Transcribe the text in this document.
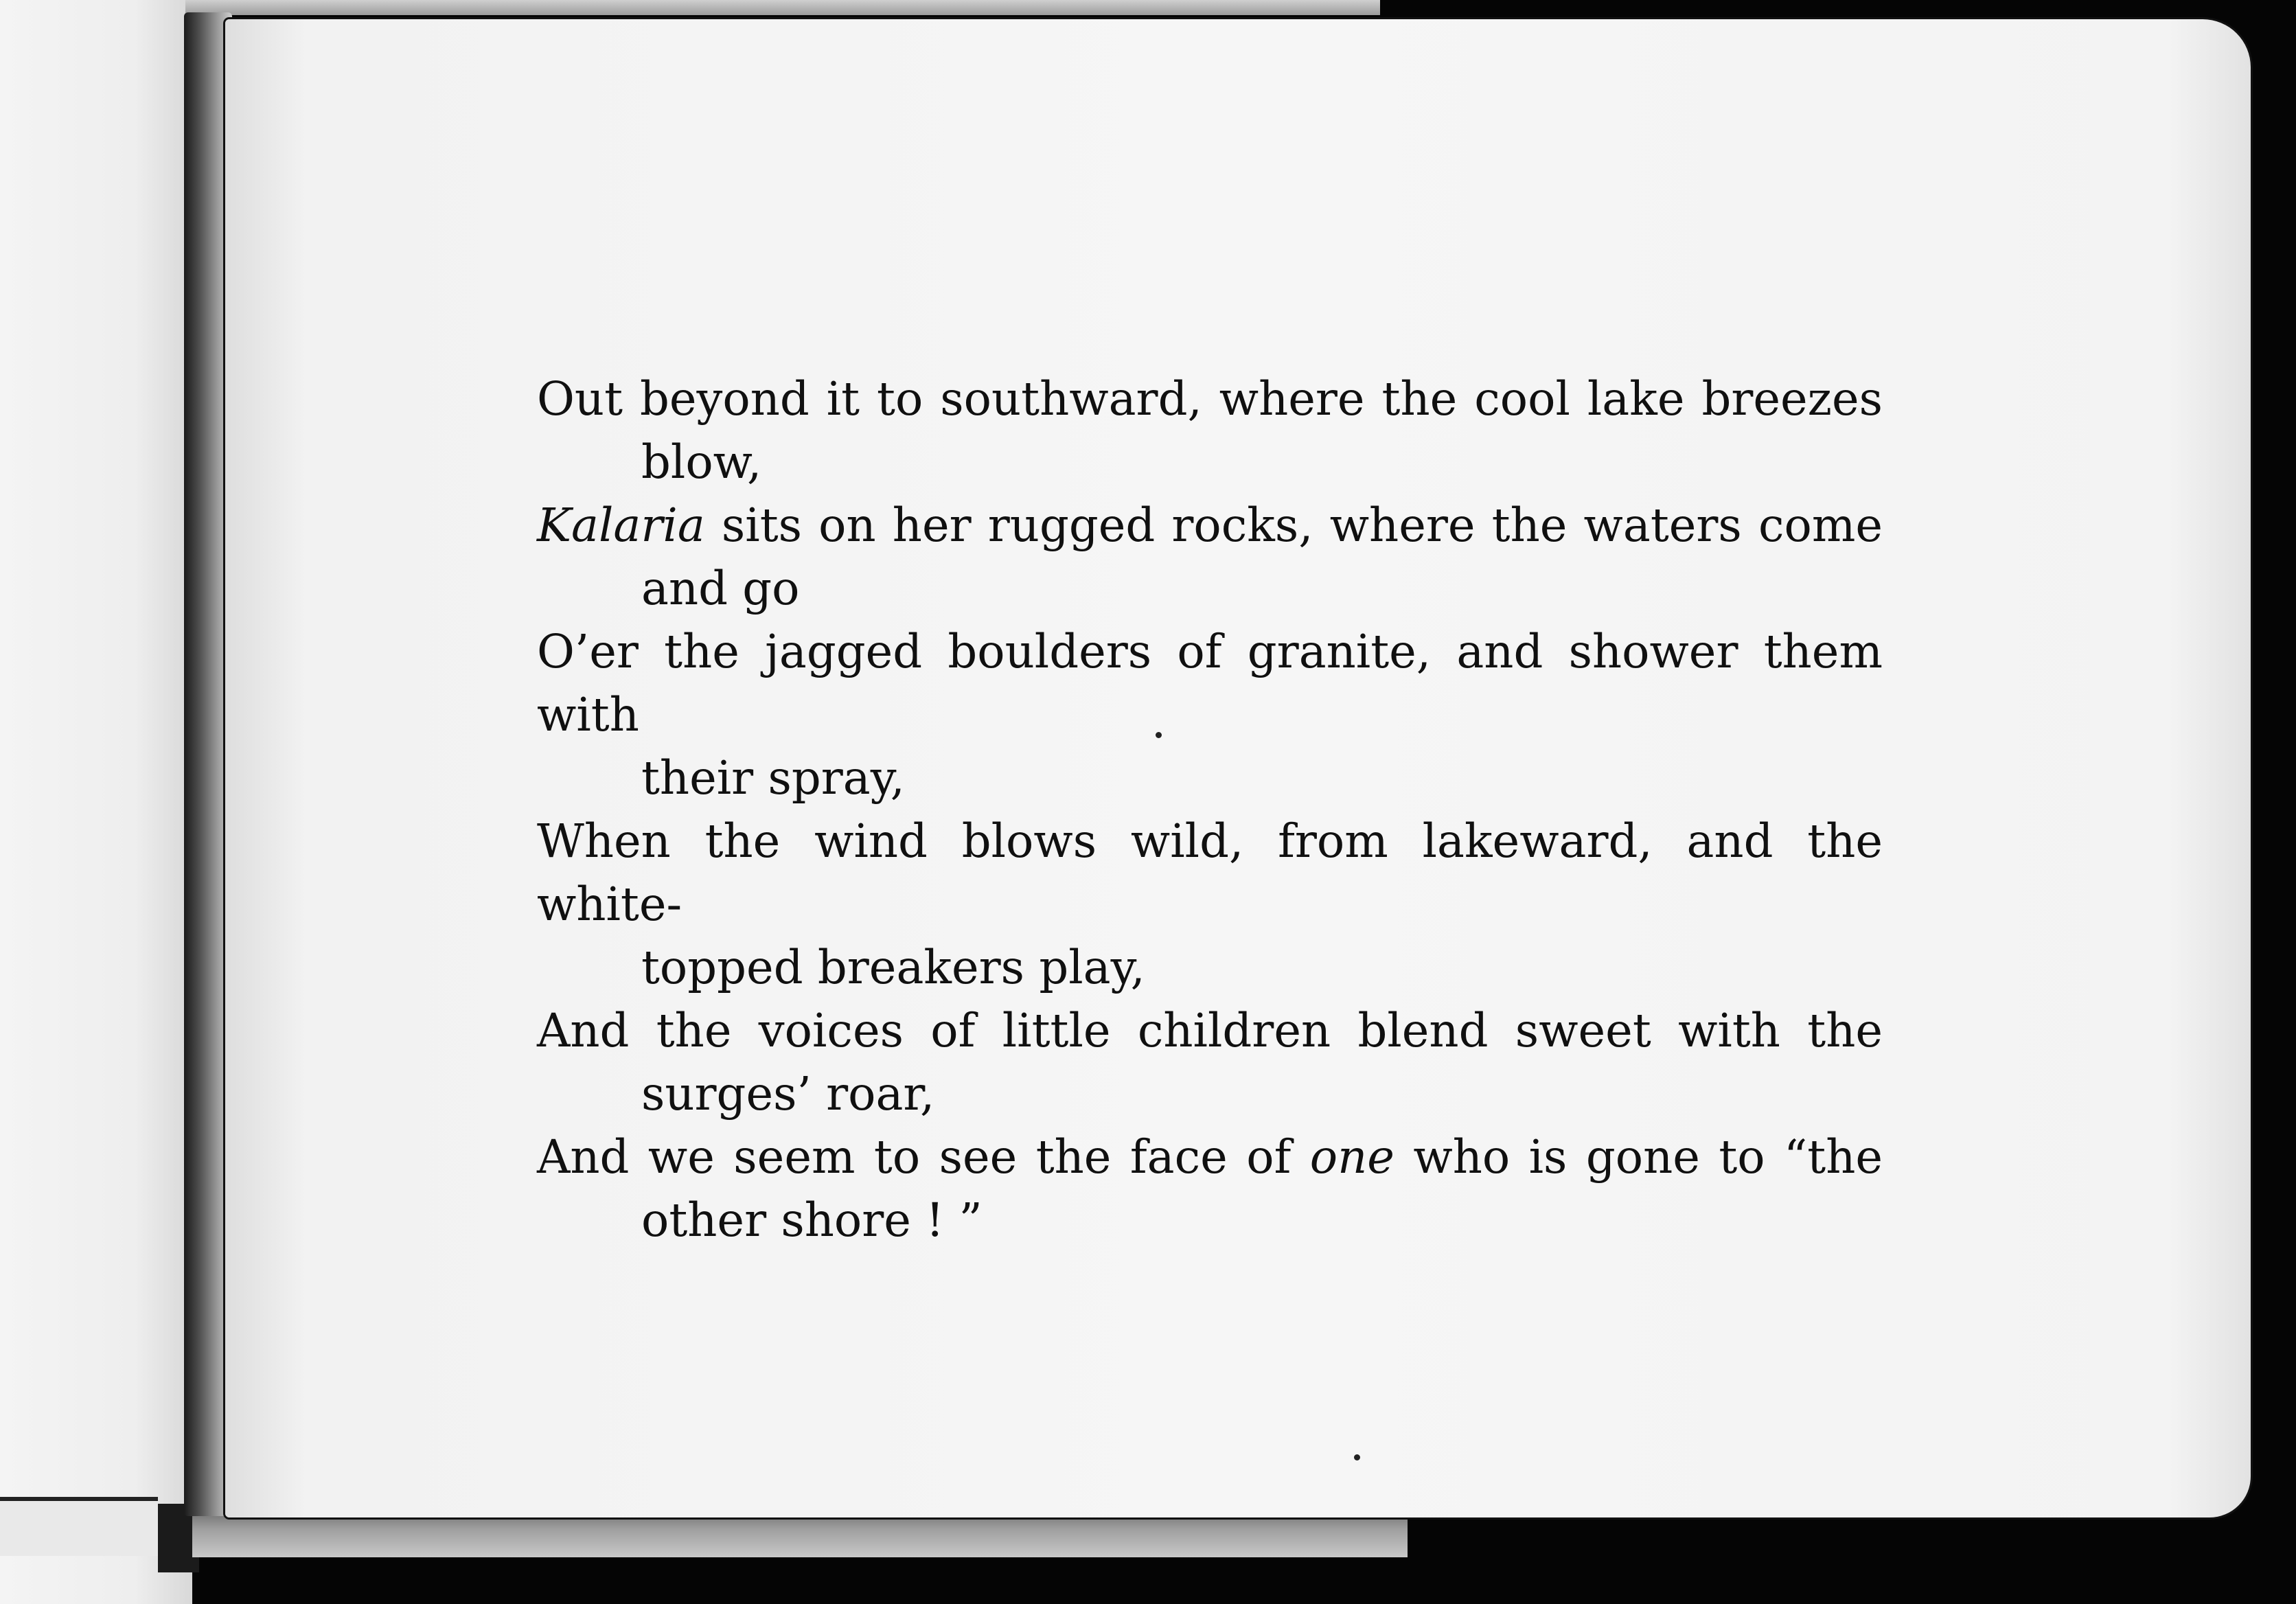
Out beyond it to southward, where the cool lake breezes

blow,

Kalaria sits on her rugged rocks, where the waters come

and go

O’er the jagged boulders of granite, and shower them with

their spray,

When the wind blows wild, from lakeward, and the white-

topped breakers play,

And the voices of little children blend sweet with the

surges’ roar,

And we seem to see the face of one who is gone to “the

other shore ! ”
